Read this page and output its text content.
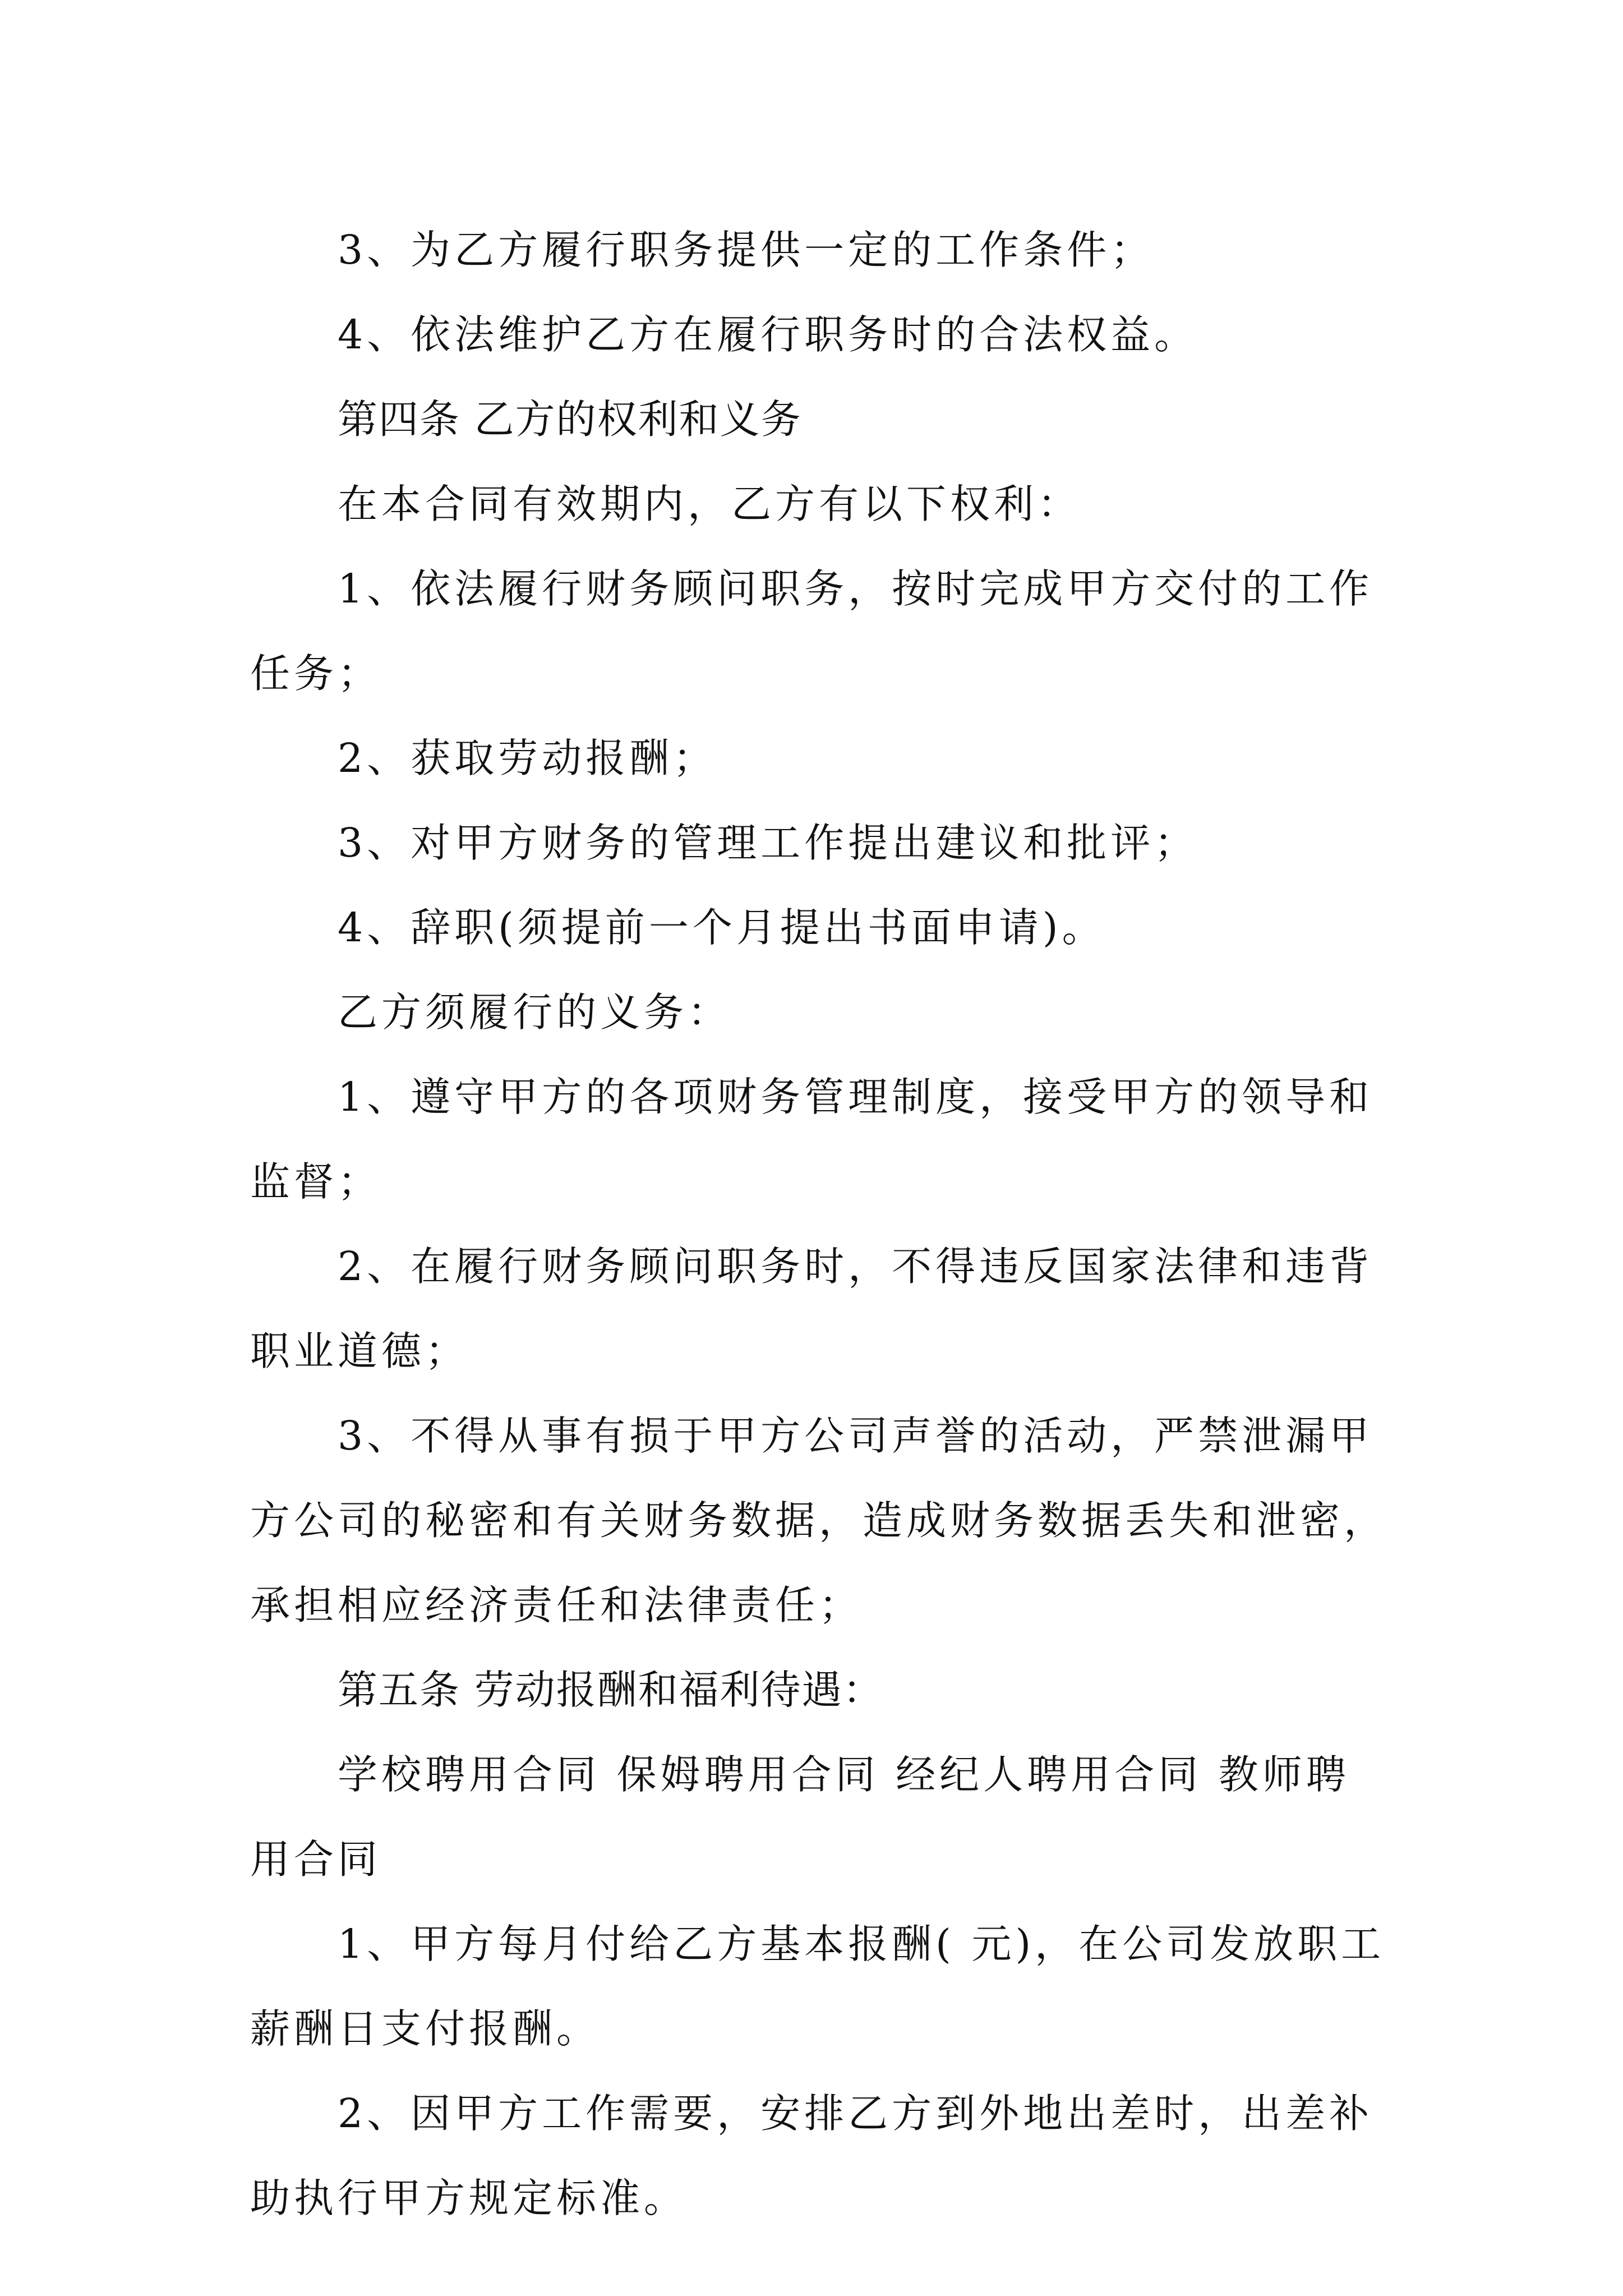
3、为乙方履行职务提供一定的工作条件；

4、依法维护乙方在履行职务时的合法权益。

第四条 乙方的权利和义务

在本合同有效期内，乙方有以下权利：

1、依法履行财务顾问职务，按时完成甲方交付的工作任务；

2、获取劳动报酬；

3、对甲方财务的管理工作提出建议和批评；

4、辞职(须提前一个月提出书面申请)。

乙方须履行的义务：

1、遵守甲方的各项财务管理制度，接受甲方的领导和监督；

2、在履行财务顾问职务时，不得违反国家法律和违背职业道德；

3、不得从事有损于甲方公司声誉的活动，严禁泄漏甲方公司的秘密和有关财务数据，造成财务数据丢失和泄密，承担相应经济责任和法律责任；

第五条 劳动报酬和福利待遇：

学校聘用合同 保姆聘用合同 经纪人聘用合同 教师聘用合同

1、甲方每月付给乙方基本报酬( 元)，在公司发放职工薪酬日支付报酬。

2、因甲方工作需要，安排乙方到外地出差时，出差补助执行甲方规定标准。
